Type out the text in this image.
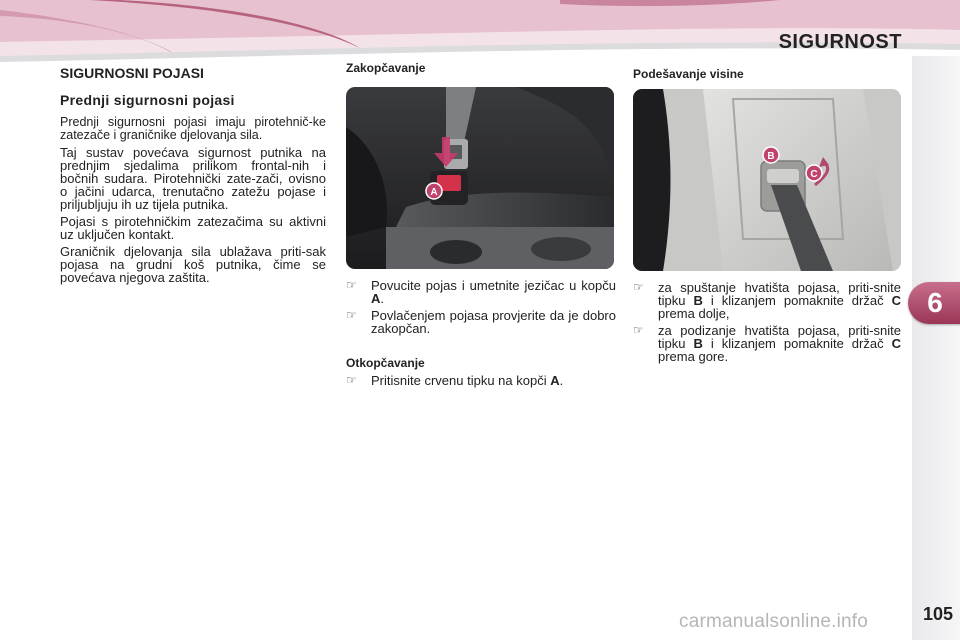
SIGURNOST
6
105
carmanualsonline.info
SIGURNOSNI POJASI
Prednji sigurnosni pojasi
Prednji sigurnosni pojasi imaju pirotehnič-ke zatezače i graničnike djelovanja sila.
Taj sustav povećava sigurnost putnika na prednjim sjedalima prilikom frontal-nih i bočnih sudara. Pirotehnički zate-zači, ovisno o jačini udarca, trenutačno zatežu pojase i priljubljuju ih uz tijela putnika.
Pojasi s pirotehničkim zatezačima su aktivni uz uključen kontakt.
Graničnik djelovanja sila ublažava priti-sak pojasa na grudni koš putnika, čime se povećava njegova zaštita.
Zakopčavanje
A
☞ Povucite pojas i umetnite jezičac u kopču A.
☞ Povlačenjem pojasa provjerite da je dobro zakopčan.
Otkopčavanje
☞ Pritisnite crvenu tipku na kopči A.
Podešavanje visine
B
C
☞ za spuštanje hvatišta pojasa, priti-snite tipku B i klizanjem pomaknite držač C prema dolje,
☞ za podizanje hvatišta pojasa, priti-snite tipku B i klizanjem pomaknite držač C prema gore.
